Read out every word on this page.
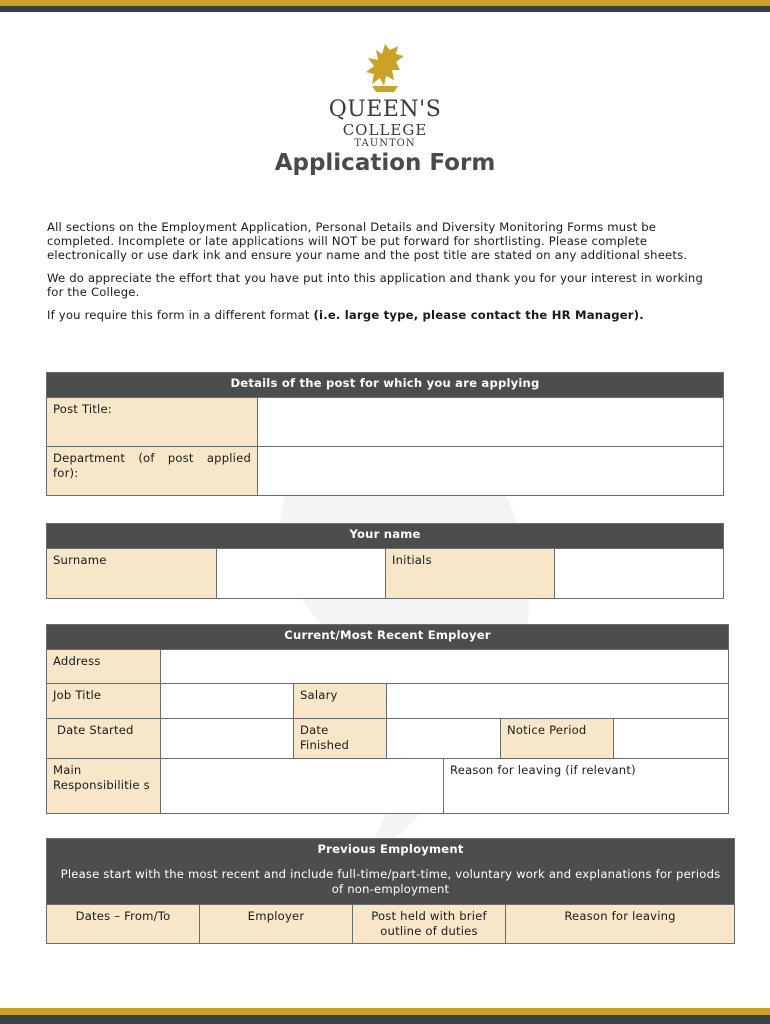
QUEEN'S
COLLEGE
TAUNTON
Application Form

All sections on the Employment Application, Personal Details and Diversity Monitoring Forms must be completed. Incomplete or late applications will NOT be put forward for shortlisting. Please complete electronically or use dark ink and ensure your name and the post title are stated on any additional sheets.

We do appreciate the effort that you have put into this application and thank you for your interest in working for the College.

If you require this form in a different format (i.e. large type, please contact the HR Manager).

Details of the post for which you are applying	
Post Title:	
Department (of post applied for):	
Your name
Surname		Initials	
Current/Most Recent Employer						
Address						
Job Title		Salary				
Date Started		Date Finished			Notice Period	
Main Responsibilitie s				Reason for leaving (if relevant)		
Previous Employment
Please start with the most recent and include full-time/part-time, voluntary work and explanations for periods of non-employment
Dates – From/To	Employer	Post held with brief outline of duties	Reason for leaving
